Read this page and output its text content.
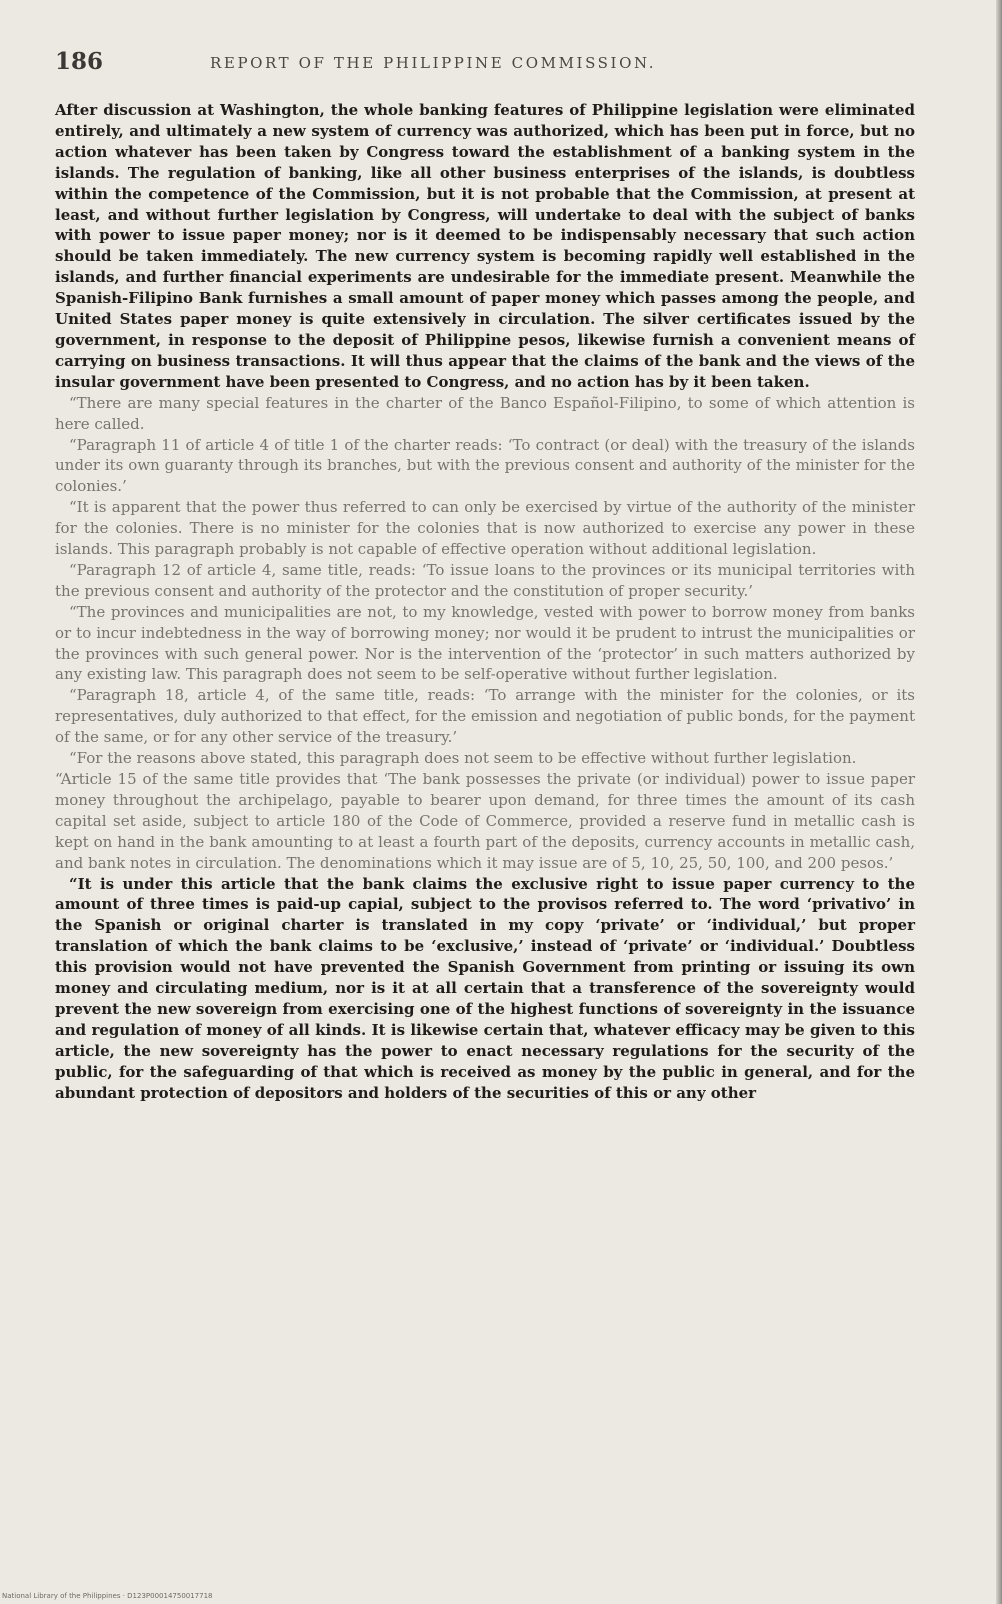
186	REPORT OF THE PHILIPPINE COMMISSION.

After discussion at Washington, the whole banking features of Philippine legislation were eliminated entirely, and ultimately a new system of currency was authorized, which has been put in force, but no action whatever has been taken by Congress toward the establishment of a banking system in the islands. The regulation of banking, like all other business enterprises of the islands, is doubtless within the competence of the Commission, but it is not probable that the Commission, at present at least, and without further legislation by Congress, will undertake to deal with the subject of banks with power to issue paper money; nor is it deemed to be indispensably necessary that such action should be taken immediately. The new currency system is becoming rapidly well established in the islands, and further financial experiments are undesirable for the immediate present. Meanwhile the Spanish-Filipino Bank furnishes a small amount of paper money which passes among the people, and United States paper money is quite extensively in circulation. The silver certificates issued by the government, in response to the deposit of Philippine pesos, likewise furnish a convenient means of carrying on business transactions. It will thus appear that the claims of the bank and the views of the insular government have been presented to Congress, and no action has by it been taken.

“There are many special features in the charter of the Banco Español-Filipino, to some of which attention is here called.

“Paragraph 11 of article 4 of title 1 of the charter reads: ‘To contract (or deal) with the treasury of the islands under its own guaranty through its branches, but with the previous consent and authority of the minister for the colonies.’

“It is apparent that the power thus referred to can only be exercised by virtue of the authority of the minister for the colonies. There is no minister for the colonies that is now authorized to exercise any power in these islands. This paragraph probably is not capable of effective operation without additional legislation.

“Paragraph 12 of article 4, same title, reads: ‘To issue loans to the provinces or its municipal territories with the previous consent and authority of the protector and the constitution of proper security.’

“The provinces and municipalities are not, to my knowledge, vested with power to borrow money from banks or to incur indebtedness in the way of borrowing money; nor would it be prudent to intrust the municipalities or the provinces with such general power. Nor is the intervention of the ‘protector’ in such matters authorized by any existing law. This paragraph does not seem to be self-operative without further legislation.

“Paragraph 18, article 4, of the same title, reads: ‘To arrange with the minister for the colonies, or its representatives, duly authorized to that effect, for the emission and negotiation of public bonds, for the payment of the same, or for any other service of the treasury.’

“For the reasons above stated, this paragraph does not seem to be effective without further legislation.

“Article 15 of the same title provides that ‘The bank possesses the private (or individual) power to issue paper money throughout the archipelago, payable to bearer upon demand, for three times the amount of its cash capital set aside, subject to article 180 of the Code of Commerce, provided a reserve fund in metallic cash is kept on hand in the bank amounting to at least a fourth part of the deposits, currency accounts in metallic cash, and bank notes in circulation. The denominations which it may issue are of 5, 10, 25, 50, 100, and 200 pesos.’

“It is under this article that the bank claims the exclusive right to issue paper currency to the amount of three times is paid-up capial, subject to the provisos referred to. The word ‘privativo’ in the Spanish or original charter is translated in my copy ‘private’ or ‘individual,’ but proper translation of which the bank claims to be ‘exclusive,’ instead of ‘private’ or ‘individual.’ Doubtless this provision would not have prevented the Spanish Government from printing or issuing its own money and circulating medium, nor is it at all certain that a transference of the sovereignty would prevent the new sovereign from exercising one of the highest functions of sovereignty in the issuance and regulation of money of all kinds. It is likewise certain that, whatever efficacy may be given to this article, the new sovereignty has the power to enact necessary regulations for the security of the public, for the safeguarding of that which is received as money by the public in general, and for the abundant protection of depositors and holders of the securities of this or any other

National Library of the Philippines · D123P00014750017718
